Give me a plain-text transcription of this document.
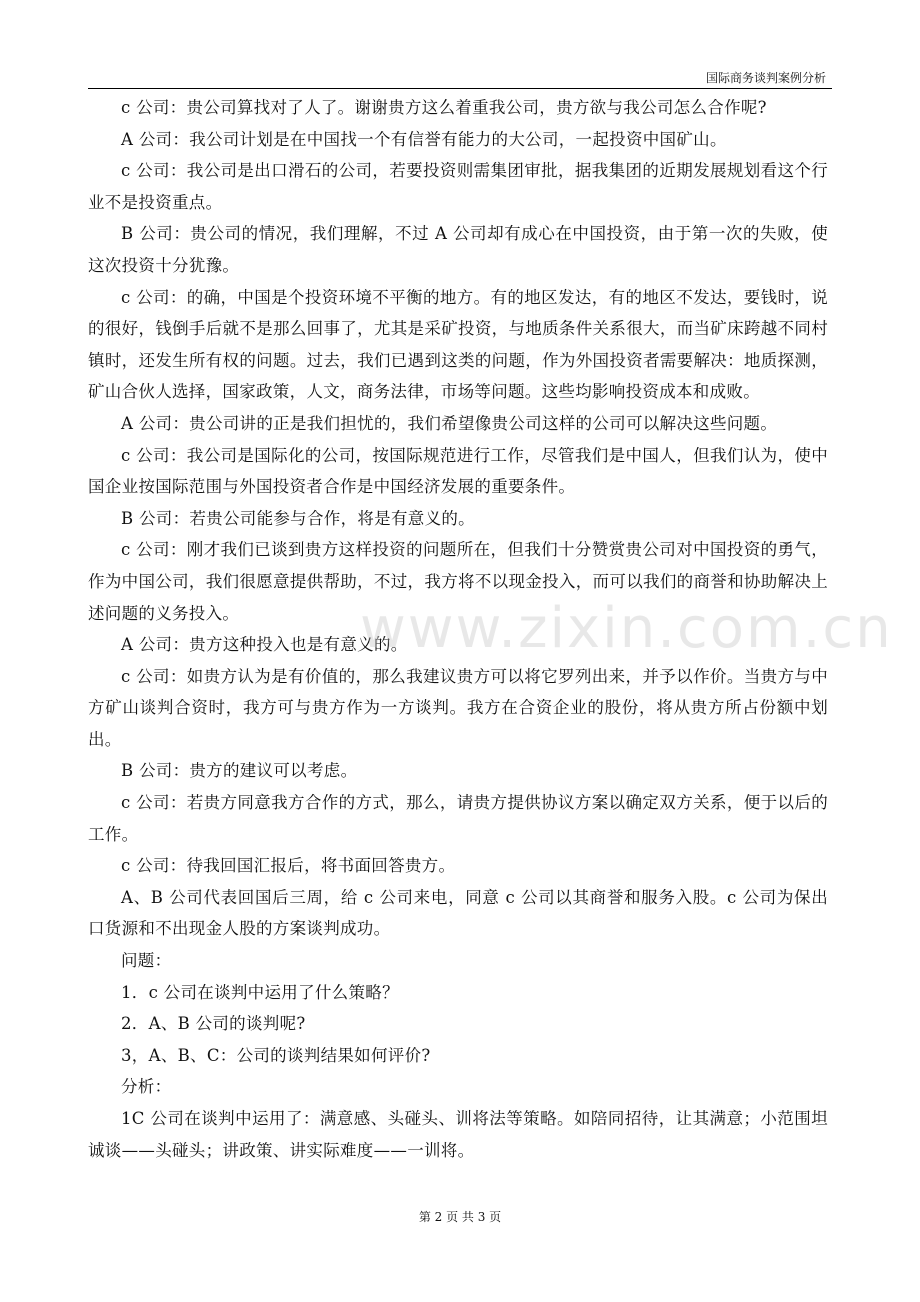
国际商务谈判案例分析

c 公司：贵公司算找对了人了。谢谢贵方这么着重我公司，贵方欲与我公司怎么合作呢?

A 公司：我公司计划是在中国找一个有信誉有能力的大公司，一起投资中国矿山。

c 公司：我公司是出口滑石的公司，若要投资则需集团审批，据我集团的近期发展规划看这个行业不是投资重点。

B 公司：贵公司的情况，我们理解，不过 A 公司却有成心在中国投资，由于第一次的失败，使这次投资十分犹豫。

c 公司：的确，中国是个投资环境不平衡的地方。有的地区发达，有的地区不发达，要钱时，说的很好，钱倒手后就不是那么回事了，尤其是采矿投资，与地质条件关系很大，而当矿床跨越不同村镇时，还发生所有权的问题。过去，我们已遇到这类的问题，作为外国投资者需要解决：地质探测，矿山合伙人选择，国家政策，人文，商务法律，市场等问题。这些均影响投资成本和成败。

A 公司：贵公司讲的正是我们担忧的，我们希望像贵公司这样的公司可以解决这些问题。

c 公司：我公司是国际化的公司，按国际规范进行工作，尽管我们是中国人，但我们认为，使中国企业按国际范围与外国投资者合作是中国经济发展的重要条件。

B 公司：若贵公司能参与合作，将是有意义的。

c 公司：刚才我们已谈到贵方这样投资的问题所在，但我们十分赞赏贵公司对中国投资的勇气，作为中国公司，我们很愿意提供帮助，不过，我方将不以现金投入，而可以我们的商誉和协助解决上述问题的义务投入。

A 公司：贵方这种投入也是有意义的。

c 公司：如贵方认为是有价值的，那么我建议贵方可以将它罗列出来，并予以作价。当贵方与中方矿山谈判合资时，我方可与贵方作为一方谈判。我方在合资企业的股份，将从贵方所占份额中划出。

B 公司：贵方的建议可以考虑。

c 公司：若贵方同意我方合作的方式，那么，请贵方提供协议方案以确定双方关系，便于以后的工作。

c 公司：待我回国汇报后，将书面回答贵方。

A、B 公司代表回国后三周，给 c 公司来电，同意 c 公司以其商誉和服务入股。c 公司为保出口货源和不出现金人股的方案谈判成功。

问题：

1．c 公司在谈判中运用了什么策略？

2．A、B 公司的谈判呢?

3，A、B、C：公司的谈判结果如何评价?

分析：

1C 公司在谈判中运用了：满意感、头碰头、训将法等策略。如陪同招待，让其满意；小范围坦诚谈——头碰头；讲政策、讲实际难度——一训将。

www.zixin.com.cn
第 2 页 共 3 页
